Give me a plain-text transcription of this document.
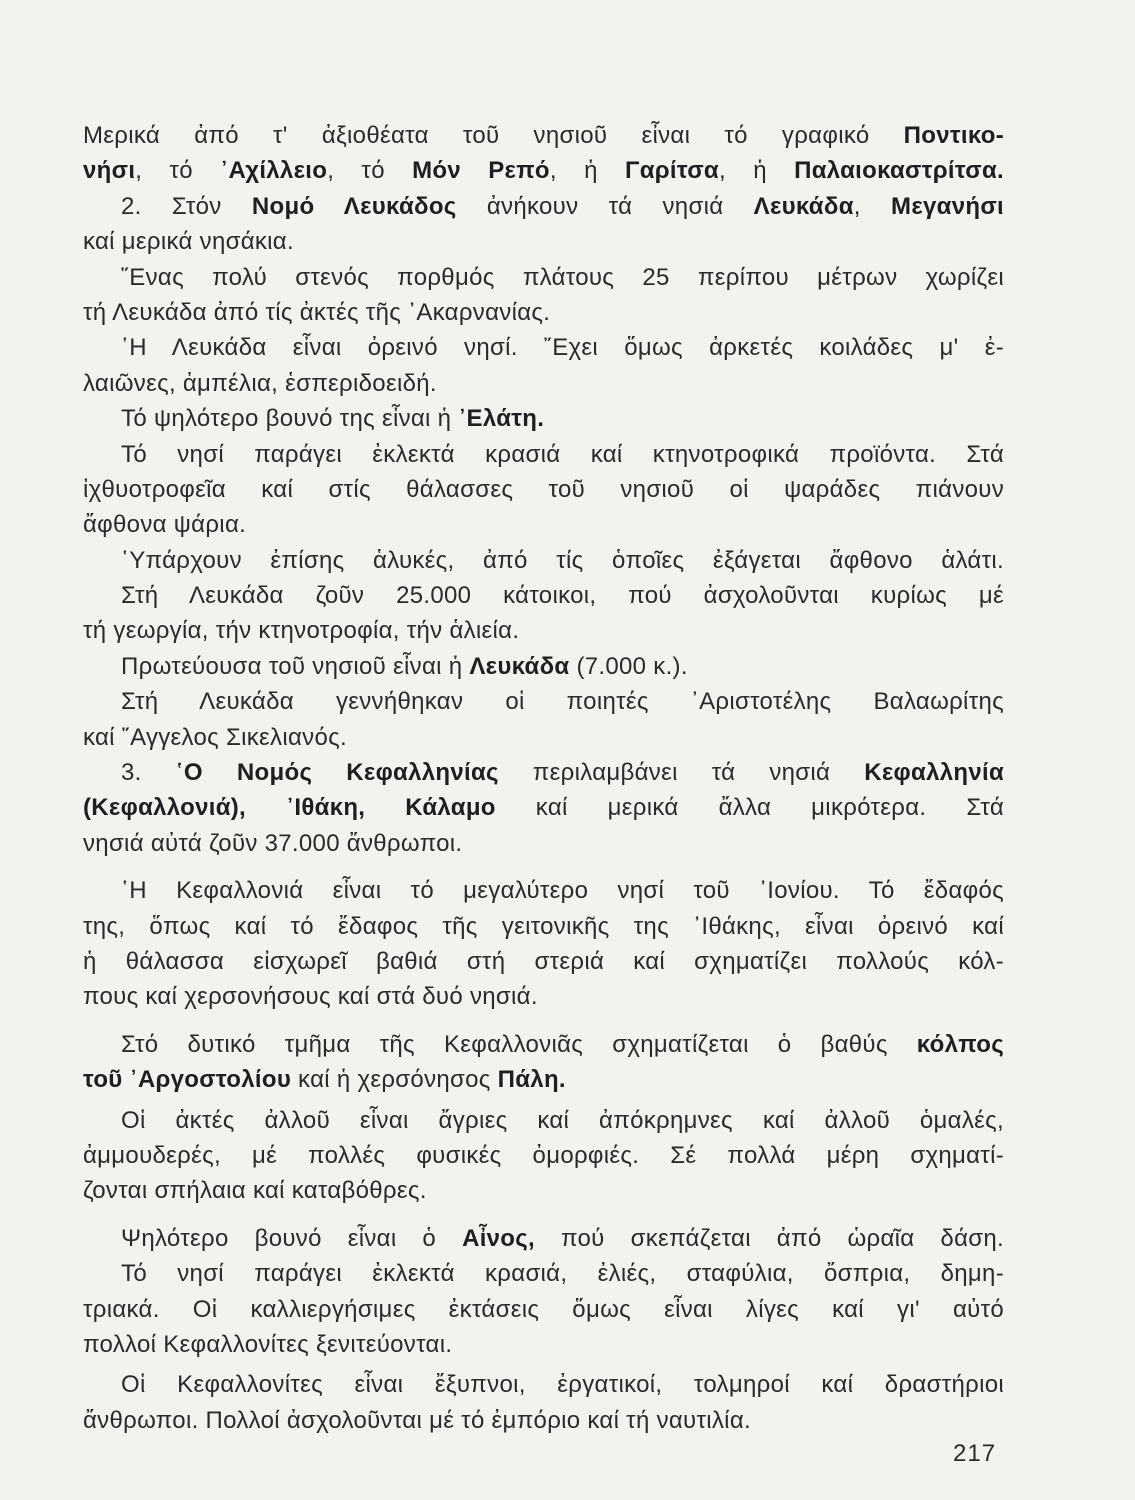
Μερικά ἀπό τ' ἀξιοθέατα τοῦ νησιοῦ εἶναι τό γραφικό Ποντικο-
νήσι, τό ᾿Αχίλλειο, τό Μόν Ρεπό, ἡ Γαρίτσα, ἡ Παλαιοκαστρίτσα.
2. Στόν Νομό Λευκάδος ἀνήκουν τά νησιά Λευκάδα, Μεγανήσι
καί μερικά νησάκια.
῞Ενας πολύ στενός πορθμός πλάτους 25 περίπου μέτρων χωρίζει
τή Λευκάδα ἀπό τίς ἀκτές τῆς ᾿Ακαρνανίας.
῾Η Λευκάδα εἶναι ὀρεινό νησί. ῎Εχει ὅμως ἀρκετές κοιλάδες μ' ἐ-
λαιῶνες, ἀμπέλια, ἑσπεριδοειδή.
Τό ψηλότερο βουνό της εἶναι ἡ ᾿Ελάτη.
Τό νησί παράγει ἐκλεκτά κρασιά καί κτηνοτροφικά προϊόντα. Στά
ἰχθυοτροφεῖα καί στίς θάλασσες τοῦ νησιοῦ οἱ ψαράδες πιάνουν
ἄφθονα ψάρια.
῾Υπάρχουν ἐπίσης ἁλυκές, ἀπό τίς ὁποῖες ἐξάγεται ἄφθονο ἁλάτι.
Στή Λευκάδα ζοῦν 25.000 κάτοικοι, πού ἀσχολοῦνται κυρίως μέ
τή γεωργία, τήν κτηνοτροφία, τήν ἁλιεία.
Πρωτεύουσα τοῦ νησιοῦ εἶναι ἡ Λευκάδα (7.000 κ.).
Στή Λευκάδα γεννήθηκαν οἱ ποιητές ᾿Αριστοτέλης Βαλαωρίτης
καί ῎Αγγελος Σικελιανός.
3. ῾Ο Νομός Κεφαλληνίας περιλαμβάνει τά νησιά Κεφαλληνία
(Κεφαλλονιά), ᾿Ιθάκη, Κάλαμο καί μερικά ἄλλα μικρότερα. Στά
νησιά αὐτά ζοῦν 37.000 ἄνθρωποι.
῾Η Κεφαλλονιά εἶναι τό μεγαλύτερο νησί τοῦ ᾿Ιονίου. Τό ἔδαφός
της, ὅπως καί τό ἔδαφος τῆς γειτονικῆς της ᾿Ιθάκης, εἶναι ὀρεινό καί
ἡ θάλασσα εἰσχωρεῖ βαθιά στή στεριά καί σχηματίζει πολλούς κόλ-
πους καί χερσονήσους καί στά δυό νησιά.
Στό δυτικό τμῆμα τῆς Κεφαλλονιᾶς σχηματίζεται ὁ βαθύς κόλπος
τοῦ ᾿Αργοστολίου καί ἡ χερσόνησος Πάλη.
Οἱ ἀκτές ἀλλοῦ εἶναι ἄγριες καί ἀπόκρημνες καί ἀλλοῦ ὁμαλές,
ἀμμουδερές, μέ πολλές φυσικές ὀμορφιές. Σέ πολλά μέρη σχηματί-
ζονται σπήλαια καί καταβόθρες.
Ψηλότερο βουνό εἶναι ὁ Αἶνος, πού σκεπάζεται ἀπό ὡραῖα δάση.
Τό νησί παράγει ἐκλεκτά κρασιά, ἐλιές, σταφύλια, ὄσπρια, δημη-
τριακά. Οἱ καλλιεργήσιμες ἐκτάσεις ὅμως εἶναι λίγες καί γι' αὐτό
πολλοί Κεφαλλονίτες ξενιτεύονται.
Οἱ Κεφαλλονίτες εἶναι ἔξυπνοι, ἐργατικοί, τολμηροί καί δραστήριοι
ἄνθρωποι. Πολλοί ἀσχολοῦνται μέ τό ἐμπόριο καί τή ναυτιλία.
217
